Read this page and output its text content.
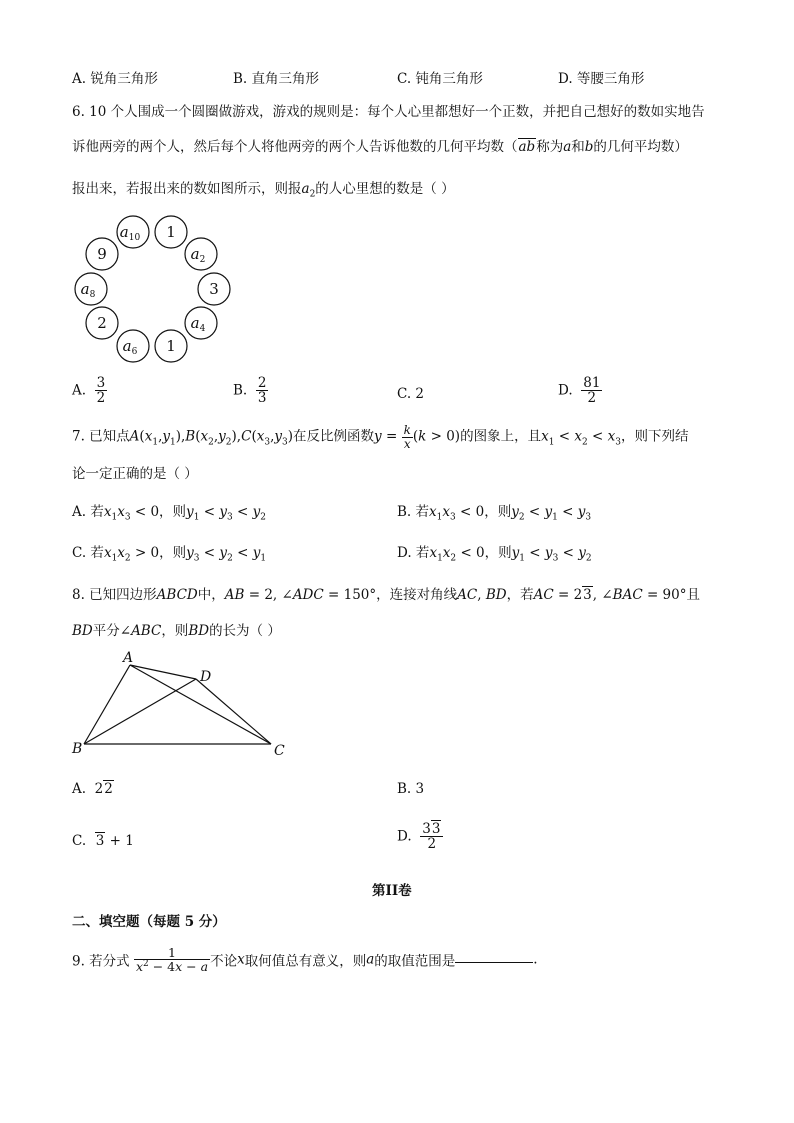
A. 锐角三角形	B. 直角三角形	C. 钝角三角形	D. 等腰三角形
6. 10 个人围成一个圆圈做游戏，游戏的规则是：每个人心里都想好一个正数，并把自己想好的数如实地告
诉他两旁的两个人，然后每个人将他两旁的两个人告诉他数的几何平均数（ab称为a和b的几何平均数）
报出来，若报出来的数如图所示，则报$a_2$的人心里想的数是（ ）
$a_{10}$ 1
$a_2$
3
$a_4$
1
$a_6$
2
$a_8$
9
A. $\frac{3}{2}$	B. $\frac{2}{3}$	C. 2	D. $\frac{81}{2}$
7. 已知点$A(x_1,y_1),B(x_2,y_2),C(x_3,y_3)$在反比例函数$y = \frac{k}{x} (k > 0)$的图象上，且$x_1 < x_2 < x_3$，则下列结
论一定正确的是（ ）
A. 若$x_1x_3 < 0$，则$y_1 < y_3 < y_2$	B. 若$x_1x_3 < 0$，则$y_2 < y_1 < y_3$
C. 若$x_1x_2 > 0$，则$y_3 < y_2 < y_1$	D. 若$x_1x_2 < 0$，则$y_1 < y_3 < y_2$
8. 已知四边形ABCD中，AB = 2, ∠ADC = 150°，连接对角线AC, BD，若AC = 23, ∠BAC = 90°且
BD平分∠ABC，则BD的长为（ ）
A
D
B	C
A.  22	B. 3
C. 3 + 1	D. $\frac{33}{2}$
第II卷
二、填空题（每题 5 分）
9. 若分式 $\frac{1}{x^2 - 4x - a}$ 不论x取何值总有意义，则a的取值范围是	.
